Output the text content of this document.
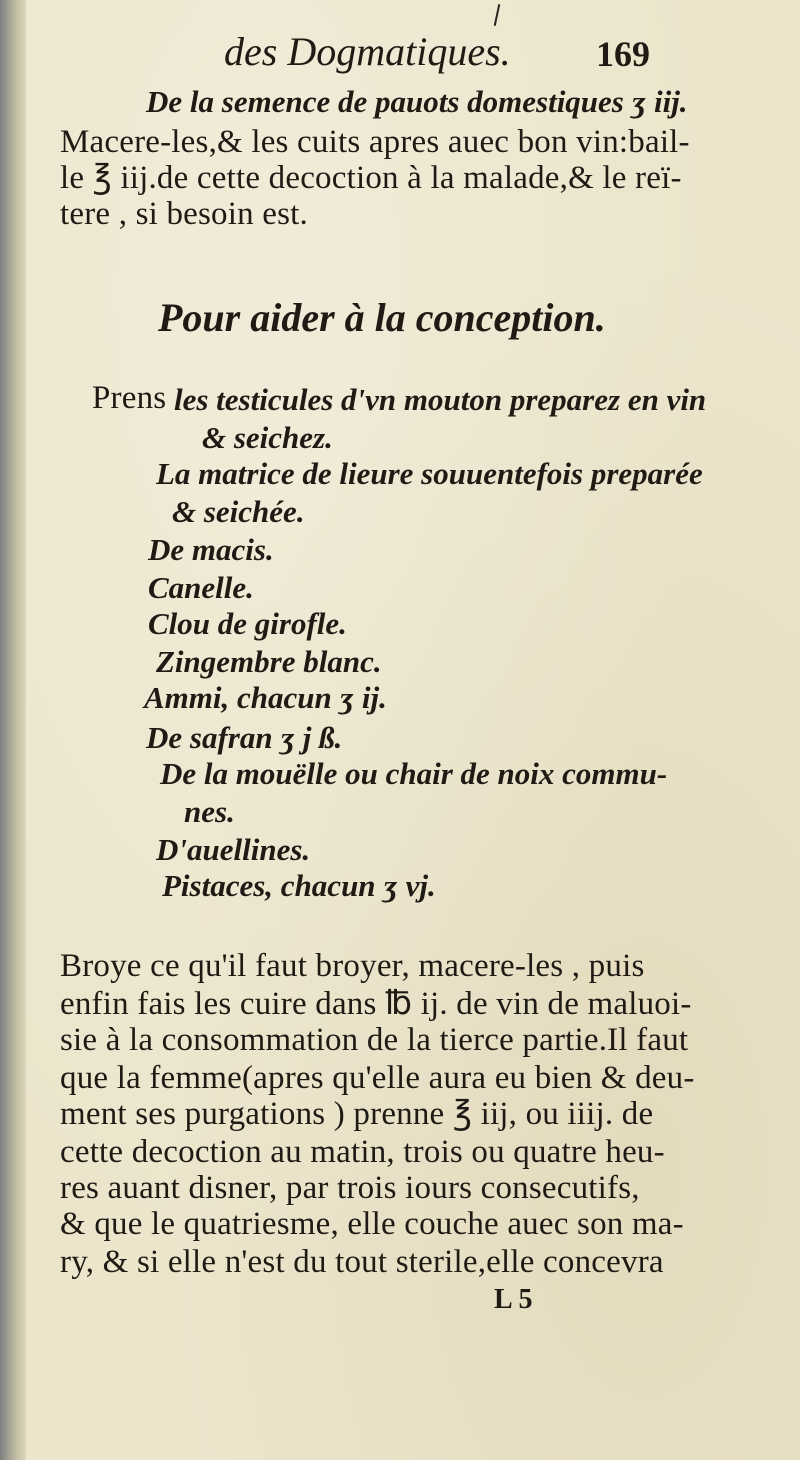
des Dogmatiques. 169
De la semence de pauots domestiques ʒ iij.
Macere-les,& les cuits apres auec bon vin:bail-
le ℥ iij.de cette decoction à la malade,& le reï-
tere , si besoin est.
Pour aider à la conception.
Prens les testicules d'vn mouton preparez en vin
& seichez.
La matrice de lieure souuentefois preparée
& seichée.
De macis.
Canelle.
Clou de girofle.
Zingembre blanc.
Ammi, chacun ʒ ij.
De safran ʒ j ß.
De la mouëlle ou chair de noix commu-
nes.
D'auellines.
Pistaces, chacun ʒ vj.
Broye ce qu'il faut broyer, macere-les , puis
enfin fais les cuire dans ℔ ij. de vin de maluoi-
sie à la consommation de la tierce partie.Il faut
que la femme(apres qu'elle aura eu bien & deu-
ment ses purgations ) prenne ℥ iij, ou iiij. de
cette decoction au matin, trois ou quatre heu-
res auant disner, par trois iours consecutifs,
& que le quatriesme, elle couche auec son ma-
ry, & si elle n'est du tout sterile,elle concevra
L 5
